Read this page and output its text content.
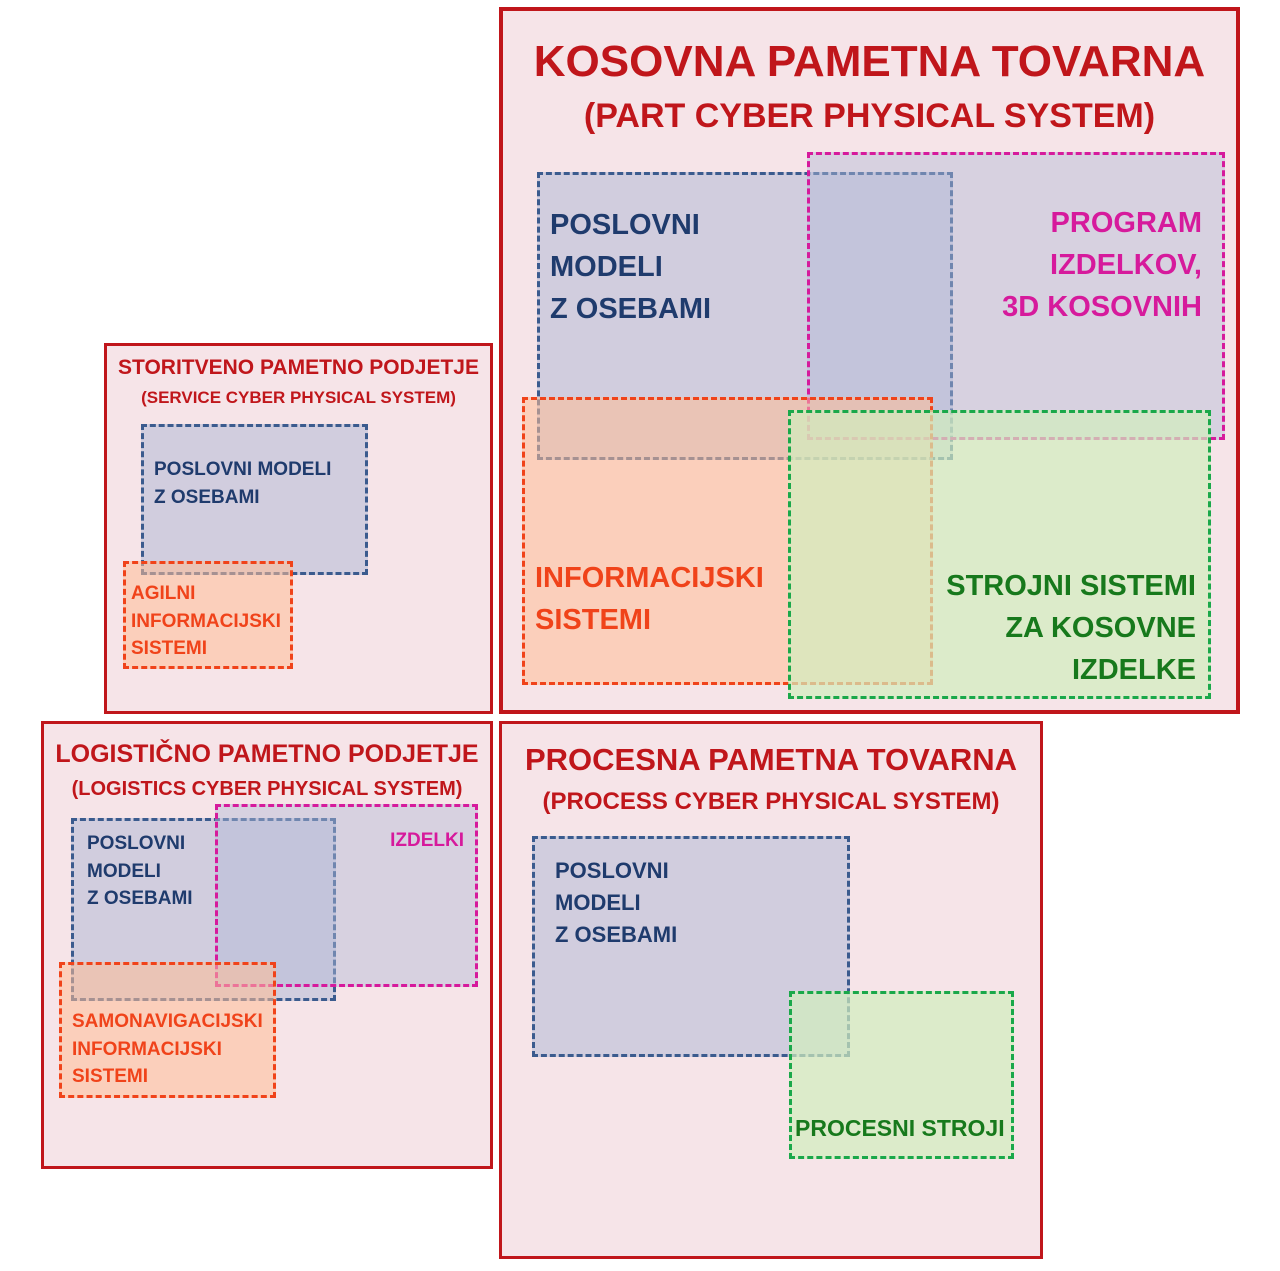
KOSOVNA PAMETNA TOVARNA
(PART CYBER PHYSICAL SYSTEM)
POSLOVNI
MODELI
Z OSEBAMI
PROGRAM
IZDELKOV,
3D KOSOVNIH
INFORMACIJSKI
SISTEMI
STROJNI SISTEMI
ZA KOSOVNE
IZDELKE
STORITVENO PAMETNO PODJETJE
(SERVICE CYBER PHYSICAL SYSTEM)
POSLOVNI MODELI
Z OSEBAMI
AGILNI
INFORMACIJSKI
SISTEMI
LOGISTIČNO PAMETNO PODJETJE
(LOGISTICS CYBER PHYSICAL SYSTEM)
POSLOVNI
MODELI
Z OSEBAMI
IZDELKI
SAMONAVIGACIJSKI
INFORMACIJSKI
SISTEMI
PROCESNA PAMETNA TOVARNA
(PROCESS CYBER PHYSICAL SYSTEM)
POSLOVNI
MODELI
Z OSEBAMI
PROCESNI STROJI
